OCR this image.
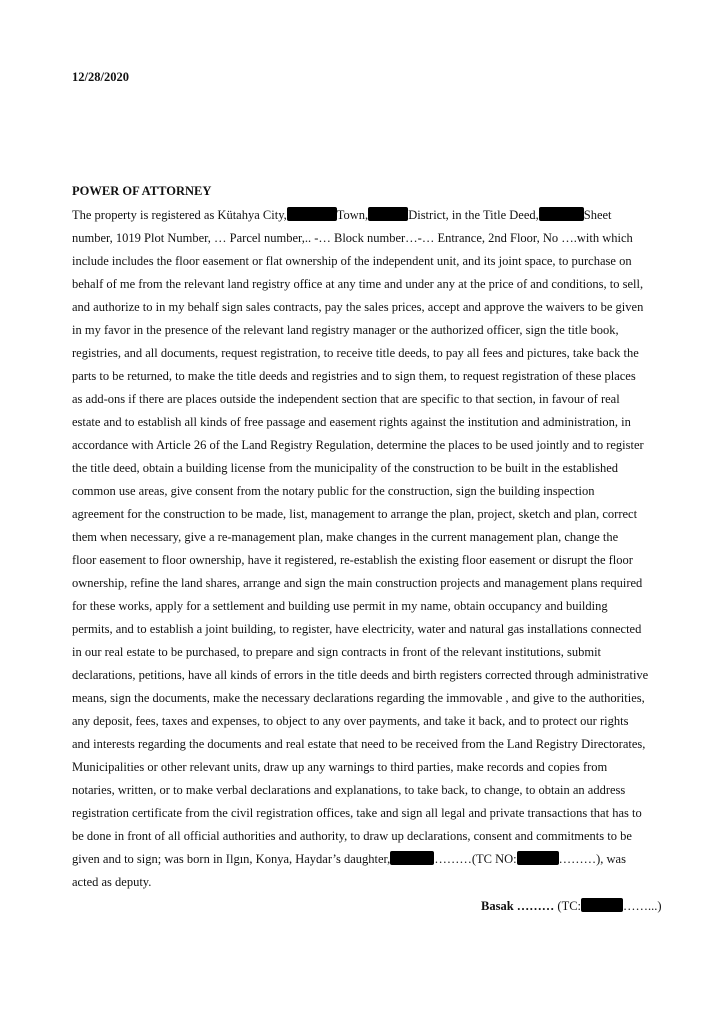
12/28/2020
POWER OF ATTORNEY
The property is registered as Kütahya City,	Town,	District, in the Title Deed,	Sheet
number, 1019 Plot Number, … Parcel number,.. -… Block number…-… Entrance, 2nd Floor, No ….with which
include includes the floor easement or flat ownership of the independent unit, and its joint space, to purchase on
behalf of me from the relevant land registry office at any time and under any at the price of and conditions, to sell,
and authorize to in my behalf sign sales contracts, pay the sales prices, accept and approve the waivers to be given
in my favor in the presence of the relevant land registry manager or the authorized officer, sign the title book,
registries, and all documents, request registration, to receive title deeds, to pay all fees and pictures, take back the
parts to be returned, to make the title deeds and registries and to sign them, to request registration of these places
as add-ons if there are places outside the independent section that are specific to that section, in favour of real
estate and to establish all kinds of free passage and easement rights against the institution and administration, in
accordance with Article 26 of the Land Registry Regulation, determine the places to be used jointly and to register
the title deed, obtain a building license from the municipality of the construction to be built in the established
common use areas, give consent from the notary public for the construction, sign the building inspection
agreement for the construction to be made, list, management to arrange the plan, project, sketch and plan, correct
them when necessary, give a re-management plan, make changes in the current management plan, change the
floor easement to floor ownership, have it registered, re-establish the existing floor easement or disrupt the floor
ownership, refine the land shares, arrange and sign the main construction projects and management plans required
for these works, apply for a settlement and building use permit in my name, obtain occupancy and building
permits, and to establish a joint building, to register, have electricity, water and natural gas installations connected
in our real estate to be purchased, to prepare and sign contracts in front of the relevant institutions, submit
declarations, petitions, have all kinds of errors in the title deeds and birth registers corrected through administrative
means, sign the documents, make the necessary declarations regarding the immovable , and give to the authorities,
any deposit, fees, taxes and expenses, to object to any over payments, and take it back, and to protect our rights
and interests regarding the documents and real estate that need to be received from the Land Registry Directorates,
Municipalities or other relevant units, draw up any warnings to third parties, make records and copies from
notaries, written, or to make verbal declarations and explanations, to take back, to change, to obtain an address
registration certificate from the civil registration offices, take and sign all legal and private transactions that has to
be done in front of all official authorities and authority, to draw up declarations, consent and commitments to be
given and to sign; was born in Ilgın, Konya, Haydar’s daughter,	………(TC NO:	………), was
acted as deputy.
Basak ……… (TC:	……...)
